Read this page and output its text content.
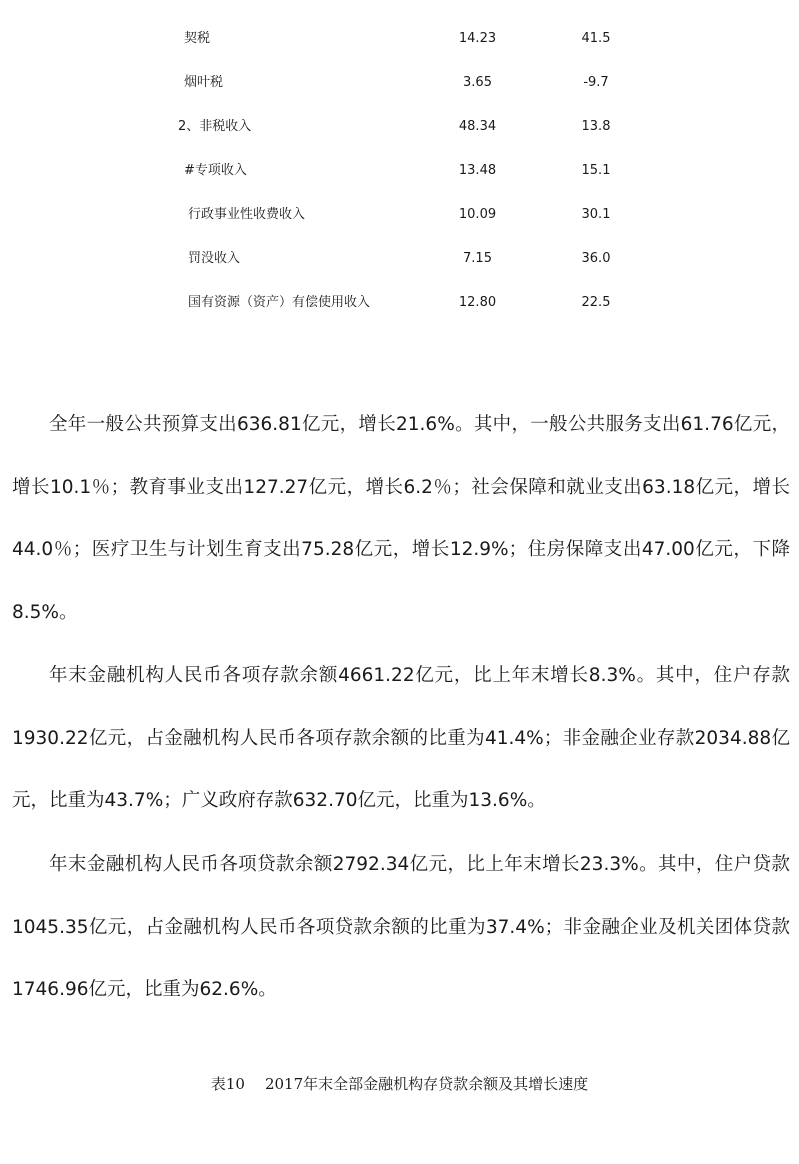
契税	14.23	41.5
烟叶税	3.65	-9.7
2、非税收入	48.34	13.8
#专项收入	13.48	15.1
行政事业性收费收入	10.09	30.1
罚没收入	7.15	36.0
国有资源（资产）有偿使用收入	12.80	22.5

全年一般公共预算支出636.81亿元，增长21.6%。其中，一般公共服务支出61.76亿元，增长10.1％；教育事业支出127.27亿元，增长6.2％；社会保障和就业支出63.18亿元，增长44.0％；医疗卫生与计划生育支出75.28亿元，增长12.9%；住房保障支出47.00亿元，下降8.5%。

年末金融机构人民币各项存款余额4661.22亿元，比上年末增长8.3%。其中，住户存款1930.22亿元，占金融机构人民币各项存款余额的比重为41.4%；非金融企业存款2034.88亿元，比重为43.7%；广义政府存款632.70亿元，比重为13.6%。

年末金融机构人民币各项贷款余额2792.34亿元，比上年末增长23.3%。其中，住户贷款1045.35亿元，占金融机构人民币各项贷款余额的比重为37.4%；非金融企业及机关团体贷款1746.96亿元，比重为62.6%。

表10 2017年末全部金融机构存贷款余额及其增长速度
